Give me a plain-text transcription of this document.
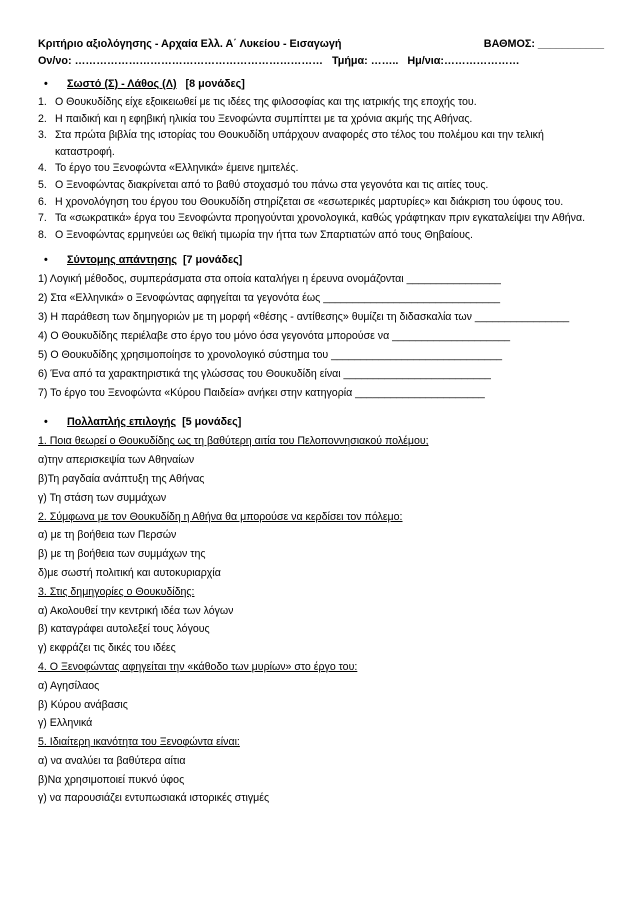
Κριτήριο αξιολόγησης - Αρχαία Ελλ. Α΄ Λυκείου - Εισαγωγή	ΒΑΘΜΟΣ: ___________
Ον/νο: …………………………………………………………… Τμήμα: …….. Ημ/νια:…………………
• Σωστό (Σ) - Λάθος (Λ) [8 μονάδες]
1. Ο Θουκυδίδης είχε εξοικειωθεί με τις ιδέες της φιλοσοφίας και της ιατρικής της εποχής του.
2. Η παιδική και η εφηβική ηλικία του Ξενοφώντα συμπίπτει με τα χρόνια ακμής της Αθήνας.
3. Στα πρώτα βιβλία της ιστορίας του Θουκυδίδη υπάρχουν αναφορές στο τέλος του πολέμου και την τελική καταστροφή.
4. Το έργο του Ξενοφώντα «Ελληνικά» έμεινε ημιτελές.
5. Ο Ξενοφώντας διακρίνεται από το βαθύ στοχασμό του πάνω στα γεγονότα και τις αιτίες τους.
6. Η χρονολόγηση του έργου του Θουκυδίδη στηρίζεται σε «εσωτερικές μαρτυρίες» και διάκριση του ύφους του.
7. Τα «σωκρατικά» έργα του Ξενοφώντα προηγούνται χρονολογικά, καθώς γράφτηκαν πριν εγκαταλείψει την Αθήνα.
8. Ο Ξενοφώντας ερμηνεύει ως θεϊκή τιμωρία την ήττα των Σπαρτιατών από τους Θηβαίους.
• Σύντομης απάντησης [7 μονάδες]
1) Λογική μέθοδος, συμπεράσματα στα οποία καταλήγει η έρευνα ονομάζονται ________________
2) Στα «Ελληνικά» ο Ξενοφώντας αφηγείται τα γεγονότα έως ______________________________
3) Η παράθεση των δημηγοριών με τη μορφή «θέσης - αντίθεσης» θυμίζει τη διδασκαλία των ________________
4) Ο Θουκυδίδης περιέλαβε στο έργο του μόνο όσα γεγονότα μπορούσε να ____________________
5) Ο Θουκυδίδης χρησιμοποίησε το χρονολογικό σύστημα του _____________________________
6) Ένα από τα χαρακτηριστικά της γλώσσας του Θουκυδίδη είναι _________________________
7) Το έργο του Ξενοφώντα «Κύρου Παιδεία» ανήκει στην κατηγορία ______________________
• Πολλαπλής επιλογής [5 μονάδες]
1. Ποια θεωρεί ο Θουκυδίδης ως τη βαθύτερη αιτία του Πελοποννησιακού πολέμου;
α)την απερισκεψία των Αθηναίων
β)Τη ραγδαία ανάπτυξη της Αθήνας
γ) Τη στάση των συμμάχων
2. Σύμφωνα με τον Θουκυδίδη η Αθήνα θα μπορούσε να κερδίσει τον πόλεμο:
α) με τη βοήθεια των Περσών
β) με τη βοήθεια των συμμάχων της
δ)με σωστή πολιτική και αυτοκυριαρχία
3. Στις δημηγορίες ο Θουκυδίδης:
α) Ακολουθεί την κεντρική ιδέα των λόγων
β) καταγράφει αυτολεξεί τους λόγους
γ) εκφράζει τις δικές του ιδέες
4. Ο Ξενοφώντας αφηγείται την «κάθοδο των μυρίων» στο έργο του:
α) Αγησίλαος
β) Κύρου ανάβασις
γ) Ελληνικά
5. Ιδιαίτερη ικανότητα του Ξενοφώντα είναι:
α) να αναλύει τα βαθύτερα αίτια
β)Να χρησιμοποιεί πυκνό ύφος
γ) να παρουσιάζει εντυπωσιακά ιστορικές στιγμές
